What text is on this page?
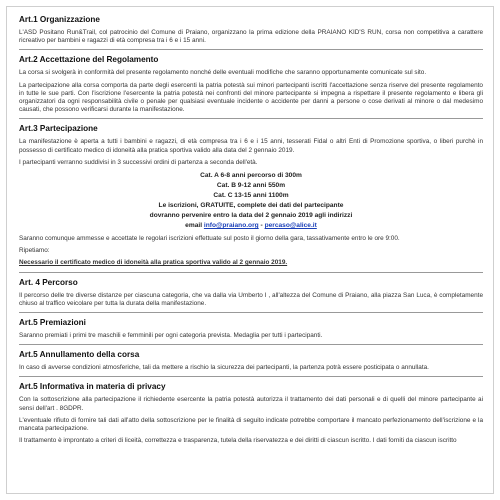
Art.1 Organizzazione

L'ASD Positano Run&Trail, col patrocinio del Comune di Praiano, organizzano la prima edizione della PRAIANO KID'S RUN, corsa non competitiva a carattere ricreativo per bambini e ragazzi di età compresa tra i 6 e i 15 anni.

Art.2 Accettazione del Regolamento

La corsa si svolgerà in conformità del presente regolamento nonché delle eventuali modifiche che saranno opportunamente comunicate sul sito.

La partecipazione alla corsa comporta da parte degli esercenti la patria potestà sui minori partecipanti iscritti l'accettazione senza riserve del presente regolamento in tutte le sue parti. Con l'iscrizione l'esercente la patria potestà nei confronti del minore partecipante si impegna a rispettare il presente regolamento e libera gli organizzatori da ogni responsabilità civile o penale per qualsiasi eventuale incidente o accidente per danni a persone o cose derivati al minore o dal medesimo causati, che possono verificarsi durante la manifestazione.

Art.3 Partecipazione

La manifestazione è aperta a tutti i bambini e ragazzi, di età compresa tra i 6 e i 15 anni, tesserati Fidal o altri Enti di Promozione sportiva, o liberi purchè in possesso di certificato medico di idoneità alla pratica sportiva valido alla data del 2 gennaio 2019.

I partecipanti verranno suddivisi in 3 successivi ordini di partenza a seconda dell'età.

Cat. A 6-8 anni percorso di 300m
Cat. B 9-12 anni 550m
Cat. C 13-15 anni 1100m
Le iscrizioni, GRATUITE, complete dei dati del partecipante
dovranno pervenire entro la data del 2 gennaio 2019 agli indirizzi
email info@praiano.org - percaso@alice.it

Saranno comunque ammesse e accettate le regolari iscrizioni effettuate sul posto il giorno della gara, tassativamente entro le ore 9:00.

Ripetiamo:

Necessario il certificato medico di idoneità alla pratica sportiva valido al 2 gennaio 2019.

Art. 4 Percorso

Il percorso delle tre diverse distanze per ciascuna categoria, che va dalla via Umberto I , all'altezza del Comune di Praiano, alla piazza San Luca, è completamente chiuso al traffico veicolare per tutta la durata della manifestazione.

Art.5 Premiazioni

Saranno premiati i primi tre maschili e femminili per ogni categoria prevista. Medaglia per tutti i partecipanti.

Art.5 Annullamento della corsa

In caso di avverse condizioni atmosferiche, tali da mettere a rischio la sicurezza dei partecipanti, la partenza potrà essere posticipata o annullata.

Art.5 Informativa in materia di privacy

Con la sottoscrizione alla partecipazione il richiedente esercente la patria potestà autorizza il trattamento dei dati personali e di quelli del minore partecipante ai sensi dell'art . 8GDPR.

L'eventuale rifiuto di fornire tali dati all'atto della sottoscrizione per le finalità di seguito indicate potrebbe comportare il mancato perfezionamento dell'iscrizione e la mancata partecipazione.

Il trattamento è improntato a criteri di liceità, correttezza e trasparenza, tutela della riservatezza e dei diritti di ciascun iscritto. I dati forniti da ciascun iscritto
